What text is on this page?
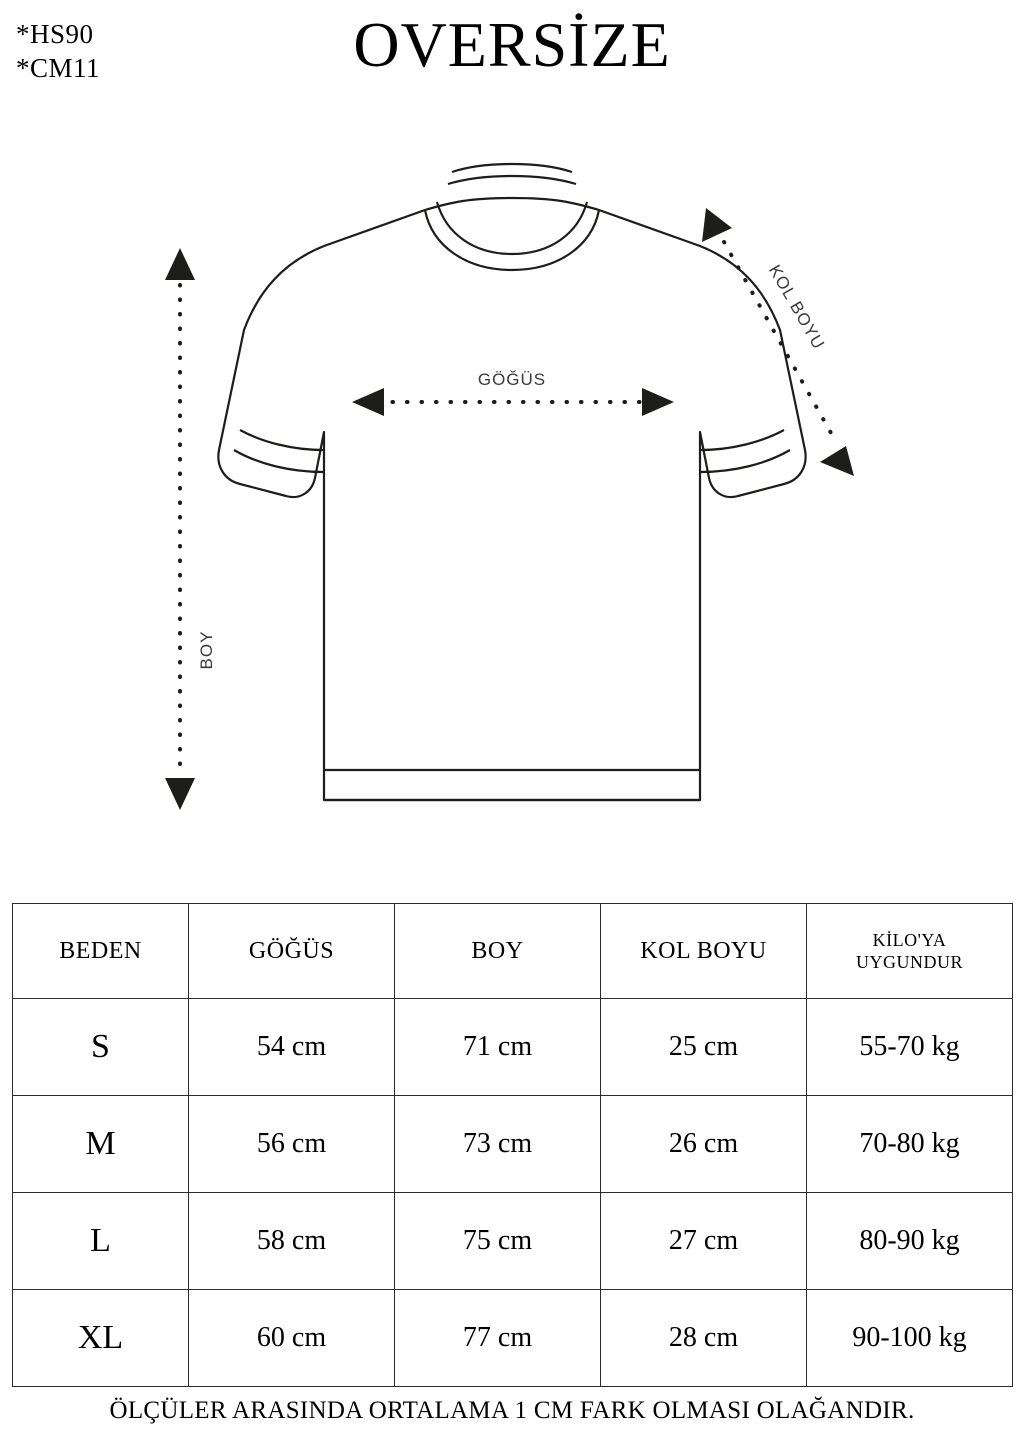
*HS90
*CM11	OVERSİZE
GÖĞÜS
BOY
KOL BOYU
BEDEN	GÖĞÜS	BOY	KOL BOYU	KİLO'YA
UYGUNDUR

S	54 cm	71 cm	25 cm	55-70 kg
M	56 cm	73 cm	26 cm	70-80 kg
L	58 cm	75 cm	27 cm	80-90 kg
XL	60 cm	77 cm	28 cm	90-100 kg
ÖLÇÜLER ARASINDA ORTALAMA 1 CM FARK OLMASI OLAĞANDIR.
